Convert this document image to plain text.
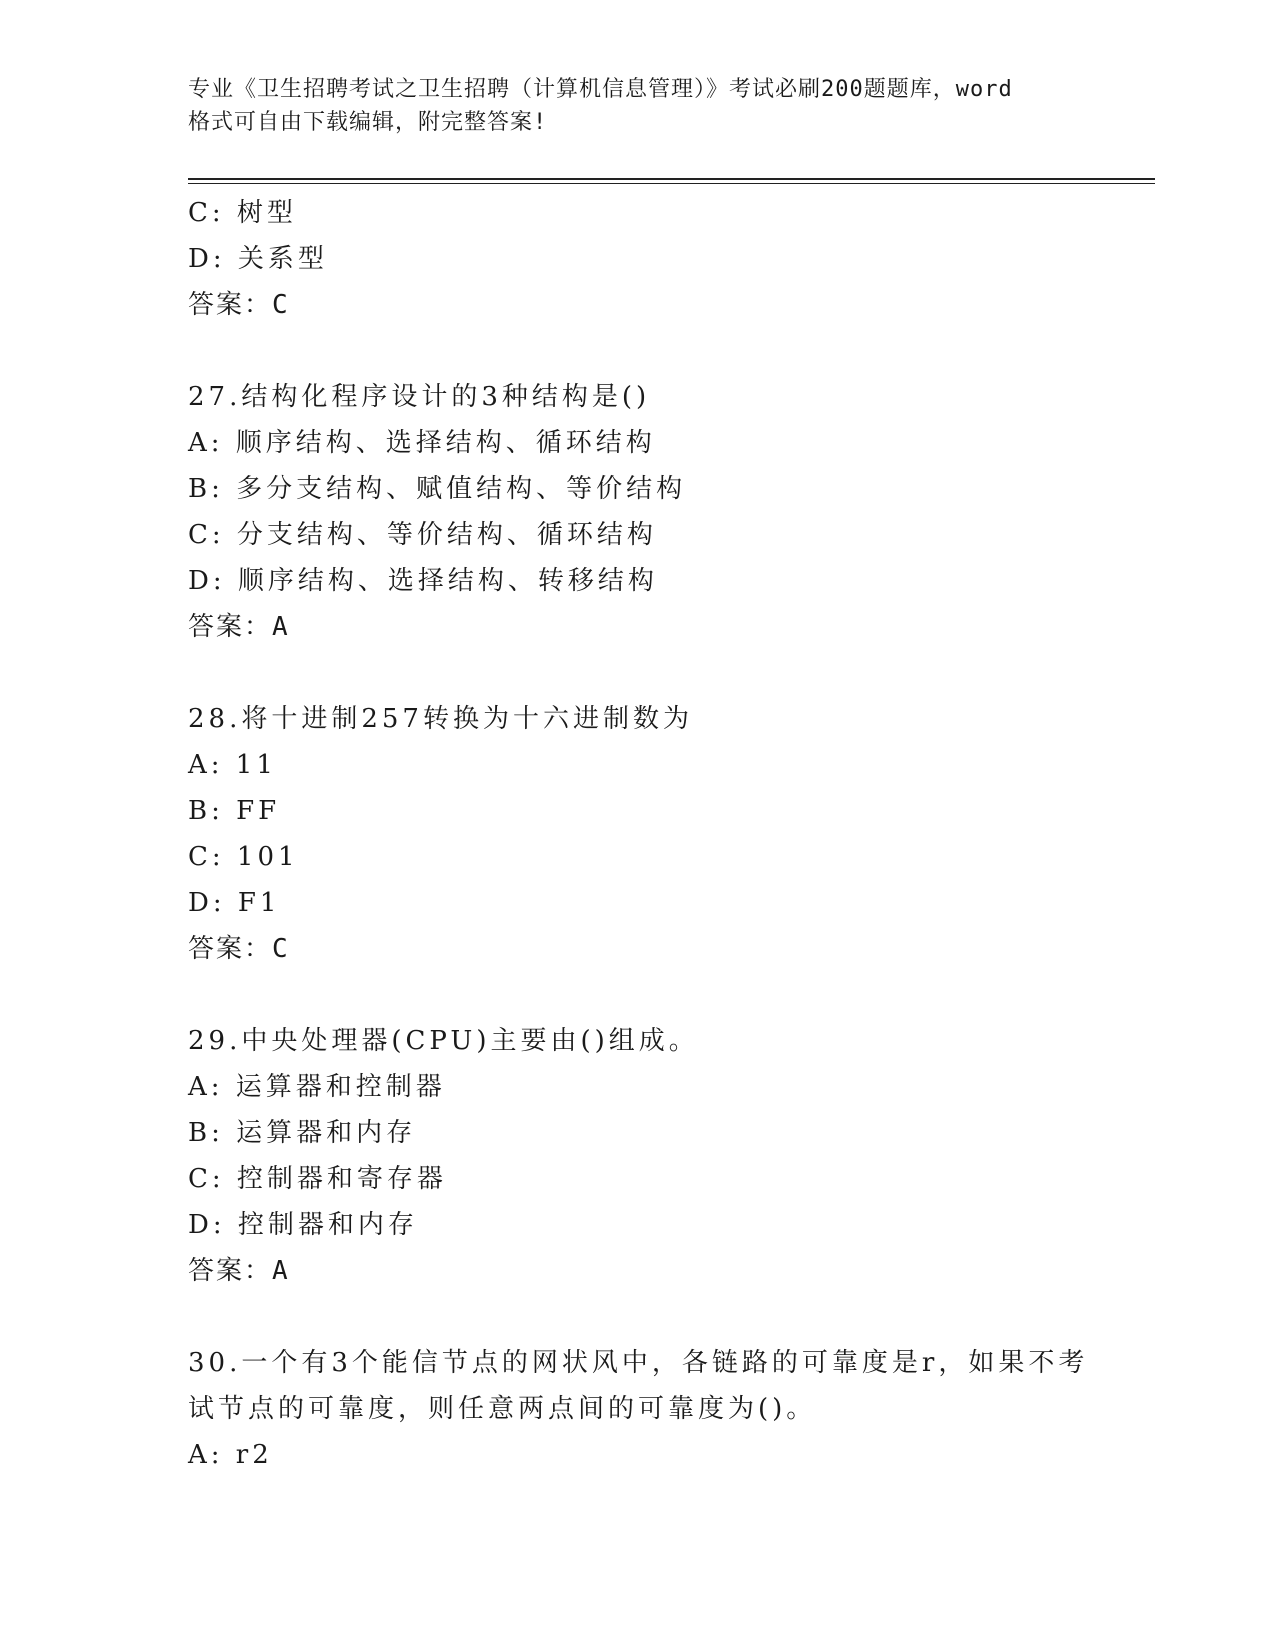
专业《卫生招聘考试之卫生招聘（计算机信息管理）》考试必刷200题题库，word
格式可自由下载编辑，附完整答案!
C: 树型
D: 关系型
答案：C
27.结构化程序设计的3种结构是()
A: 顺序结构、选择结构、循环结构
B: 多分支结构、赋值结构、等价结构
C: 分支结构、等价结构、循环结构
D: 顺序结构、选择结构、转移结构
答案：A
28.将十进制257转换为十六进制数为
A: 11
B: FF
C: 101
D: F1
答案：C
29.中央处理器(CPU)主要由()组成。
A: 运算器和控制器
B: 运算器和内存
C: 控制器和寄存器
D: 控制器和内存
答案：A
30.一个有3个能信节点的网状风中，各链路的可靠度是r，如果不考
试节点的可靠度，则任意两点间的可靠度为()。
A: r2
